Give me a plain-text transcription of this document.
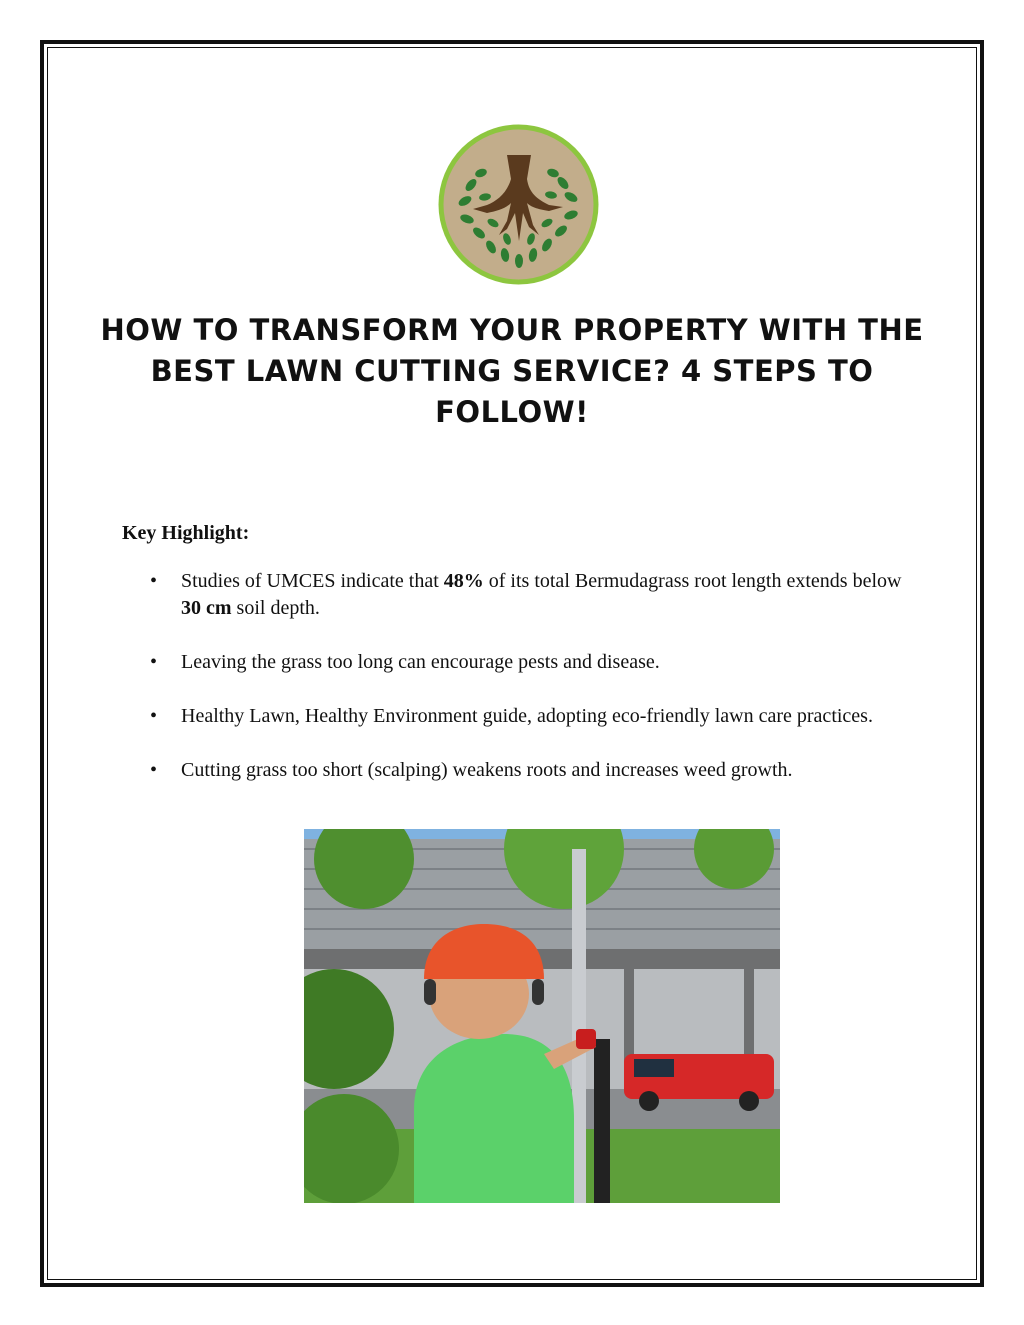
HOW TO TRANSFORM YOUR PROPERTY WITH THE BEST LAWN CUTTING SERVICE? 4 STEPS TO FOLLOW!
Key Highlight:
• Studies of UMCES indicate that 48% of its total Bermudagrass root length extends below 30 cm soil depth.
• Leaving the grass too long can encourage pests and disease.
• Healthy Lawn, Healthy Environment guide, adopting eco-friendly lawn care practices.
• Cutting grass too short (scalping) weakens roots and increases weed growth.
